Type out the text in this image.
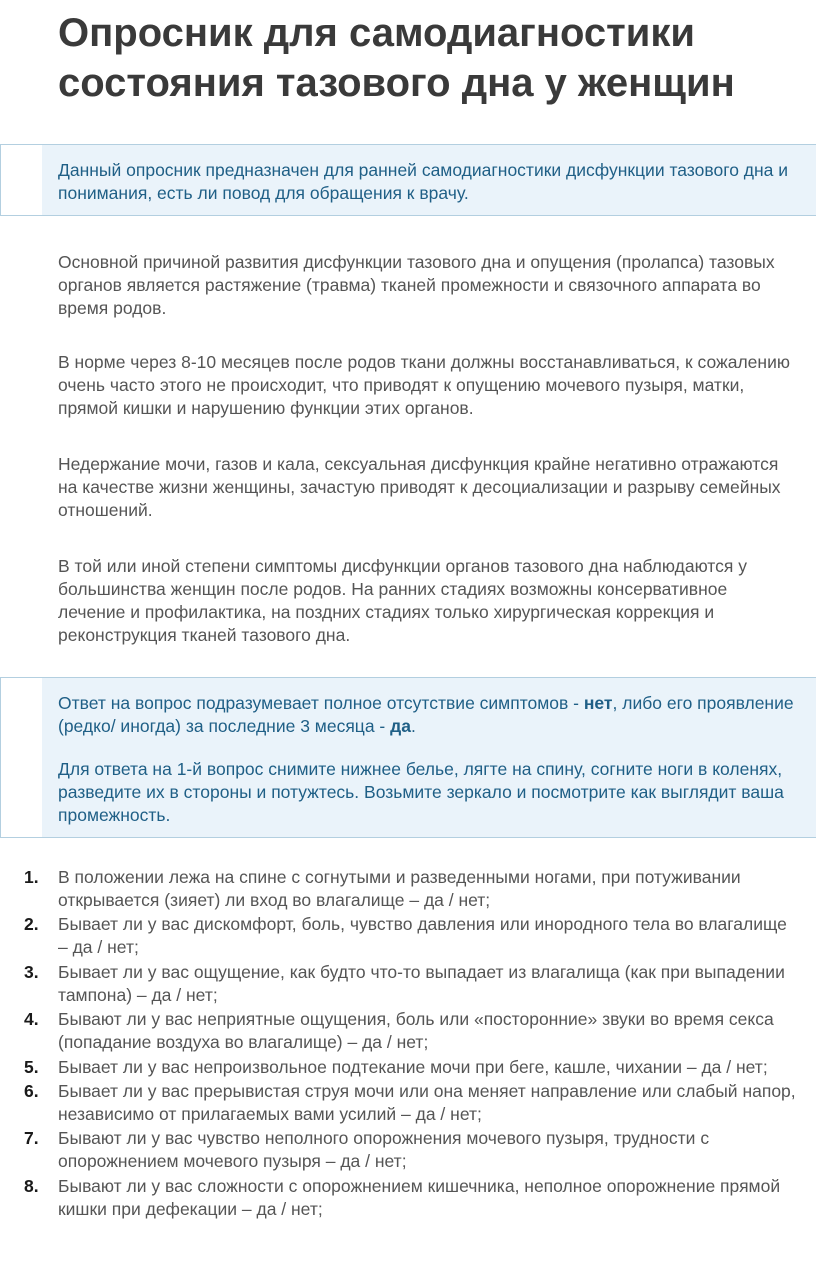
Опросник для самодиагностики состояния тазового дна у женщин

Данный опросник предназначен для ранней самодиагностики дисфункции тазового дна и понимания, есть ли повод для обращения к врачу.

Основной причиной развития дисфункции тазового дна и опущения (пролапса) тазовых органов является растяжение (травма) тканей промежности и связочного аппарата во время родов.

В норме через 8-10 месяцев после родов ткани должны восстанавливаться, к сожалению очень часто этого не происходит, что приводят к опущению мочевого пузыря, матки, прямой кишки и нарушению функции этих органов.

Недержание мочи, газов и кала, сексуальная дисфункция крайне негативно отражаются на качестве жизни женщины, зачастую приводят к десоциализации и разрыву семейных отношений.

В той или иной степени симптомы дисфункции органов тазового дна наблюдаются у большинства женщин после родов. На ранних стадиях возможны консервативное лечение и профилактика, на поздних стадиях только хирургическая коррекция и реконструкция тканей тазового дна.

Ответ на вопрос подразумевает полное отсутствие симптомов - нет, либо его проявление (редко/ иногда) за последние 3 месяца - да.

Для ответа на 1-й вопрос снимите нижнее белье, лягте на спину, согните ноги в коленях, разведите их в стороны и потужтесь. Возьмите зеркало и посмотрите как выглядит ваша промежность.

1. В положении лежа на спине с согнутыми и разведенными ногами, при потуживании открывается (зияет) ли вход во влагалище – да / нет;
2. Бывает ли у вас дискомфорт, боль, чувство давления или инородного тела во влагалище – да / нет;
3. Бывает ли у вас ощущение, как будто что-то выпадает из влагалища (как при выпадении тампона) – да / нет;
4. Бывают ли у вас неприятные ощущения, боль или «посторонние» звуки во время секса (попадание воздуха во влагалище) – да / нет;
5. Бывает ли у вас непроизвольное подтекание мочи при беге, кашле, чихании – да / нет;
6. Бывает ли у вас прерывистая струя мочи или она меняет направление или слабый напор, независимо от прилагаемых вами усилий – да / нет;
7. Бывают ли у вас чувство неполного опорожнения мочевого пузыря, трудности с опорожнением мочевого пузыря – да / нет;
8. Бывают ли у вас сложности с опорожнением кишечника, неполное опорожнение прямой кишки при дефекации – да / нет;
